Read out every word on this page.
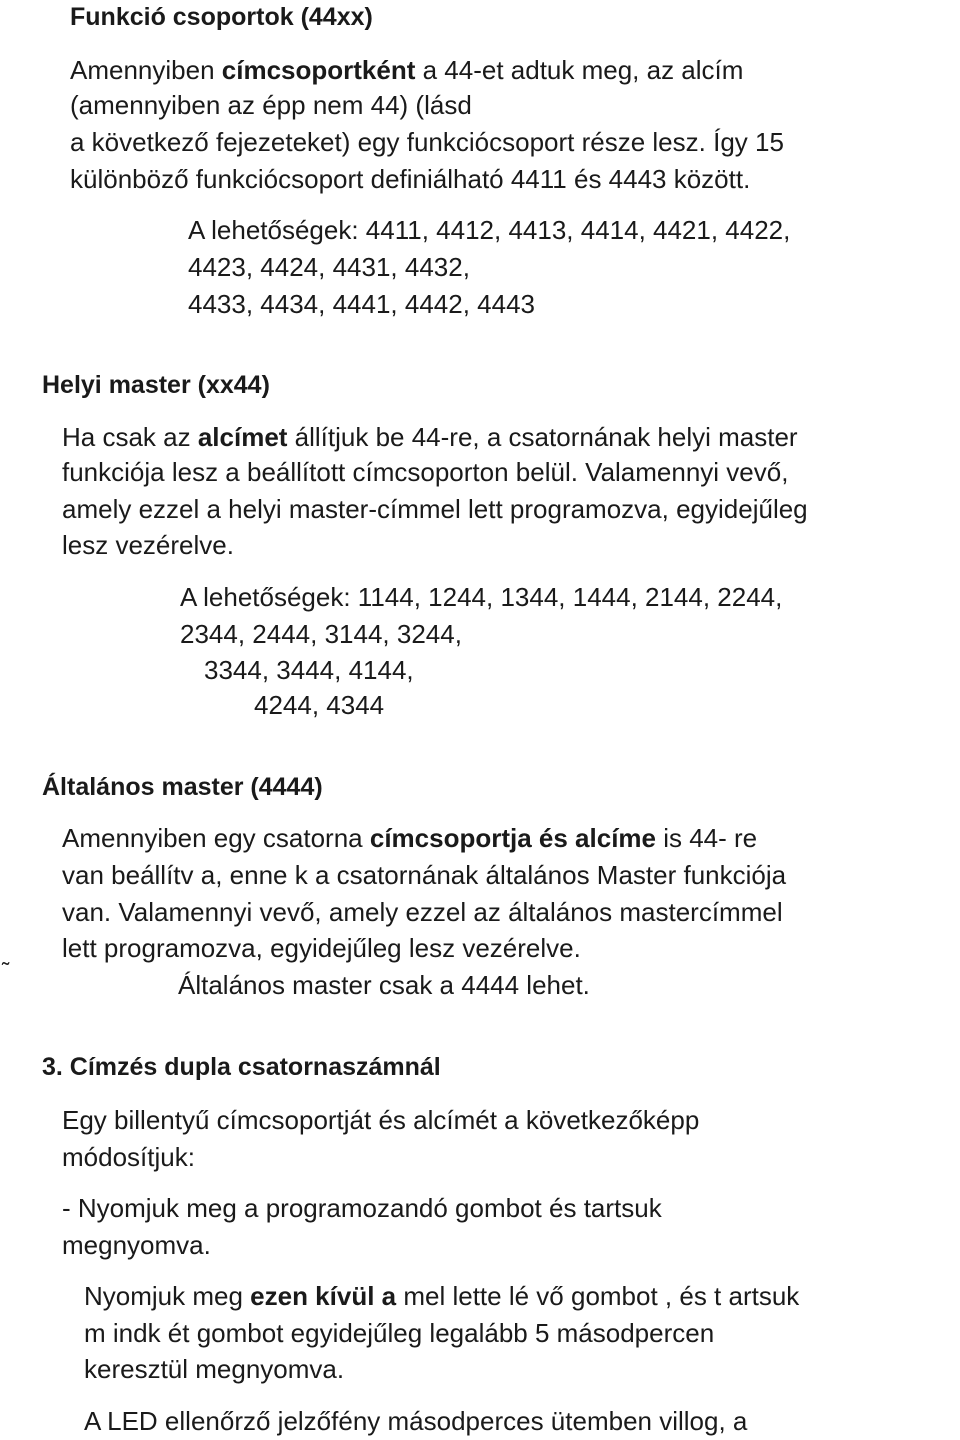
Funkció csoportok (44xx)
Amennyiben címcsoportként a 44-et adtuk meg, az alcím
(amennyiben az épp nem 44) (lásd
a következő fejezeteket) egy funkciócsoport része lesz. Így 15
különböző funkciócsoport definiálható 4411 és 4443 között.
A lehetőségek: 4411, 4412, 4413, 4414, 4421, 4422,
4423, 4424, 4431, 4432,
4433, 4434, 4441, 4442, 4443
Helyi master (xx44)
Ha csak az alcímet állítjuk be 44-re, a csatornának helyi master
funkciója lesz a beállított címcsoporton belül. Valamennyi vevő,
amely ezzel a helyi master-címmel lett programozva, egyidejűleg
lesz vezérelve.
A lehetőségek: 1144, 1244, 1344, 1444, 2144, 2244,
2344, 2444, 3144, 3244,
3344, 3444, 4144,
4244, 4344
Általános master (4444)
Amennyiben egy csatorna címcsoportja és alcíme is 44- re
van beállítv a, enne k a csatornának általános Master funkciója
van. Valamennyi vevő, amely ezzel az általános mastercímmel
lett programozva, egyidejűleg lesz vezérelve.
˜	Általános master csak a 4444 lehet.
3. Címzés dupla csatornaszámnál
Egy billentyű címcsoportját és alcímét a következőképp
módosítjuk:
- Nyomjuk meg a programozandó gombot és tartsuk
megnyomva.
Nyomjuk meg ezen kívül a mel lette lé vő gombot , és t artsuk
m indk ét gombot egyidejűleg legalább 5 másodpercen
keresztül megnyomva.
A LED ellenőrző jelzőfény másodperces ütemben villog, a
